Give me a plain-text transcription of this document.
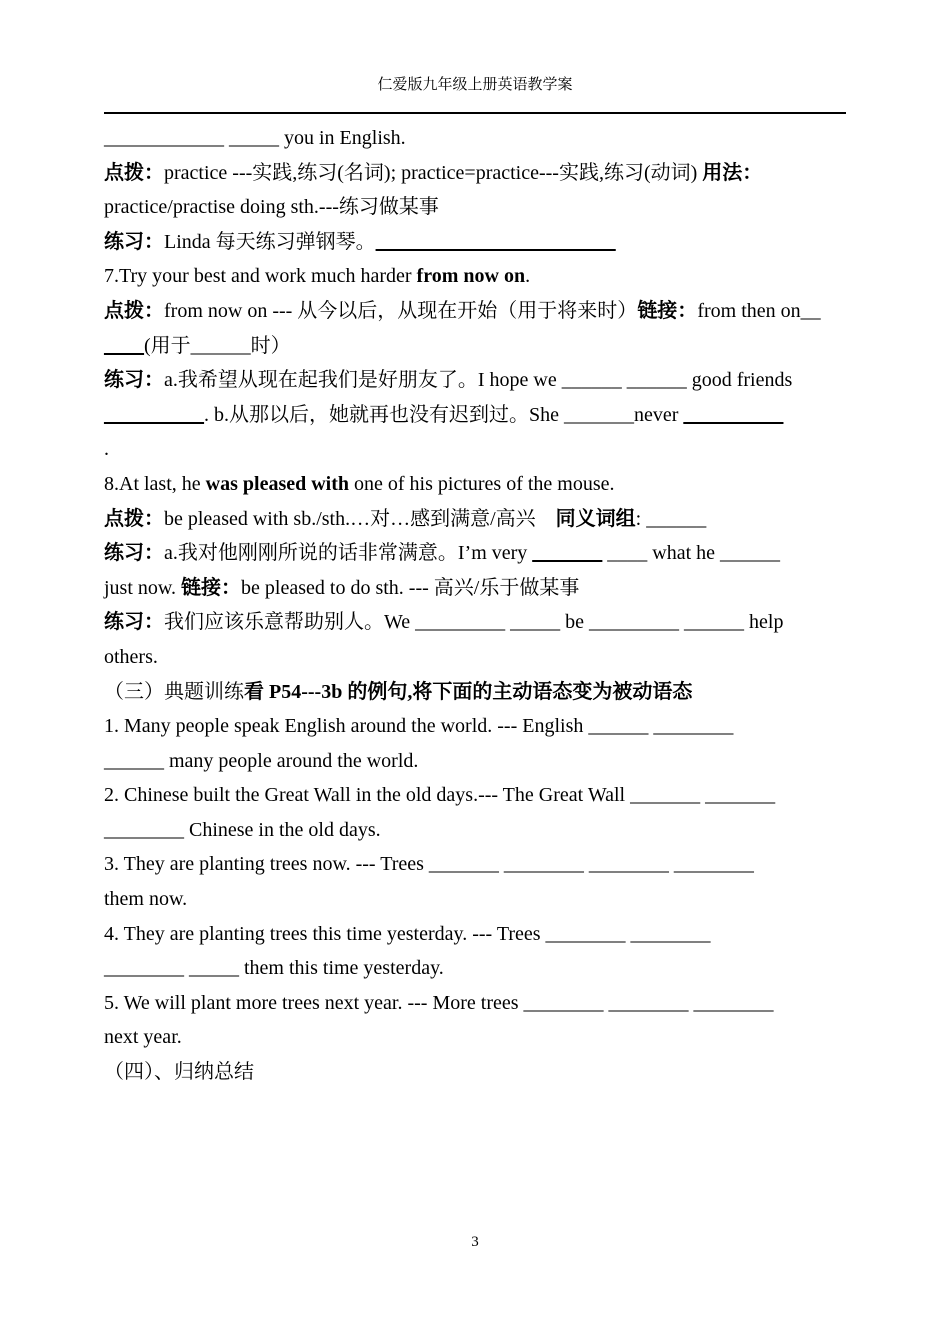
仁爱版九年级上册英语教学案
____________ _____ you in English.
点拨：practice ---实践,练习(名词); practice=practice---实践,练习(动词) 用法：
practice/practise doing sth.---练习做某事
练习：Linda 每天练习弹钢琴。________________________
7.Try your best and work much harder from now on.
点拨：from now on --- 从今以后，从现在开始（用于将来时）链接：from then on__
____(用于______时）
练习：a.我希望从现在起我们是好朋友了。I hope we ______ ______ good friends
___ ___ ___. b.从那以后，她就再也没有迟到过。She _______never ___ ___ ___
.
8.At last, he was pleased with one of his pictures of the mouse.
点拨：be pleased with sb./sth.…对…感到满意/高兴　同义词组: ______
练习：a.我对他刚刚所说的话非常满意。I’m very _______ ____ what he ______
just now. 链接：be pleased to do sth. --- 高兴/乐于做某事
练习：我们应该乐意帮助别人。We _________ _____ be _________ ______ help
others.
（三）典题训练看 P54---3b 的例句,将下面的主动语态变为被动语态
1. Many people speak English around the world. --- English ______ ________
______ many people around the world.
2. Chinese built the Great Wall in the old days.--- The Great Wall _______ _______
________ Chinese in the old days.
3. They are planting trees now. --- Trees _______ ________ ________ ________
them now.
4. They are planting trees this time yesterday. --- Trees ________ ________
________ _____ them this time yesterday.
5. We will plant more trees next year. --- More trees ________ ________ ________
next year.
（四）、归纳总结
3
